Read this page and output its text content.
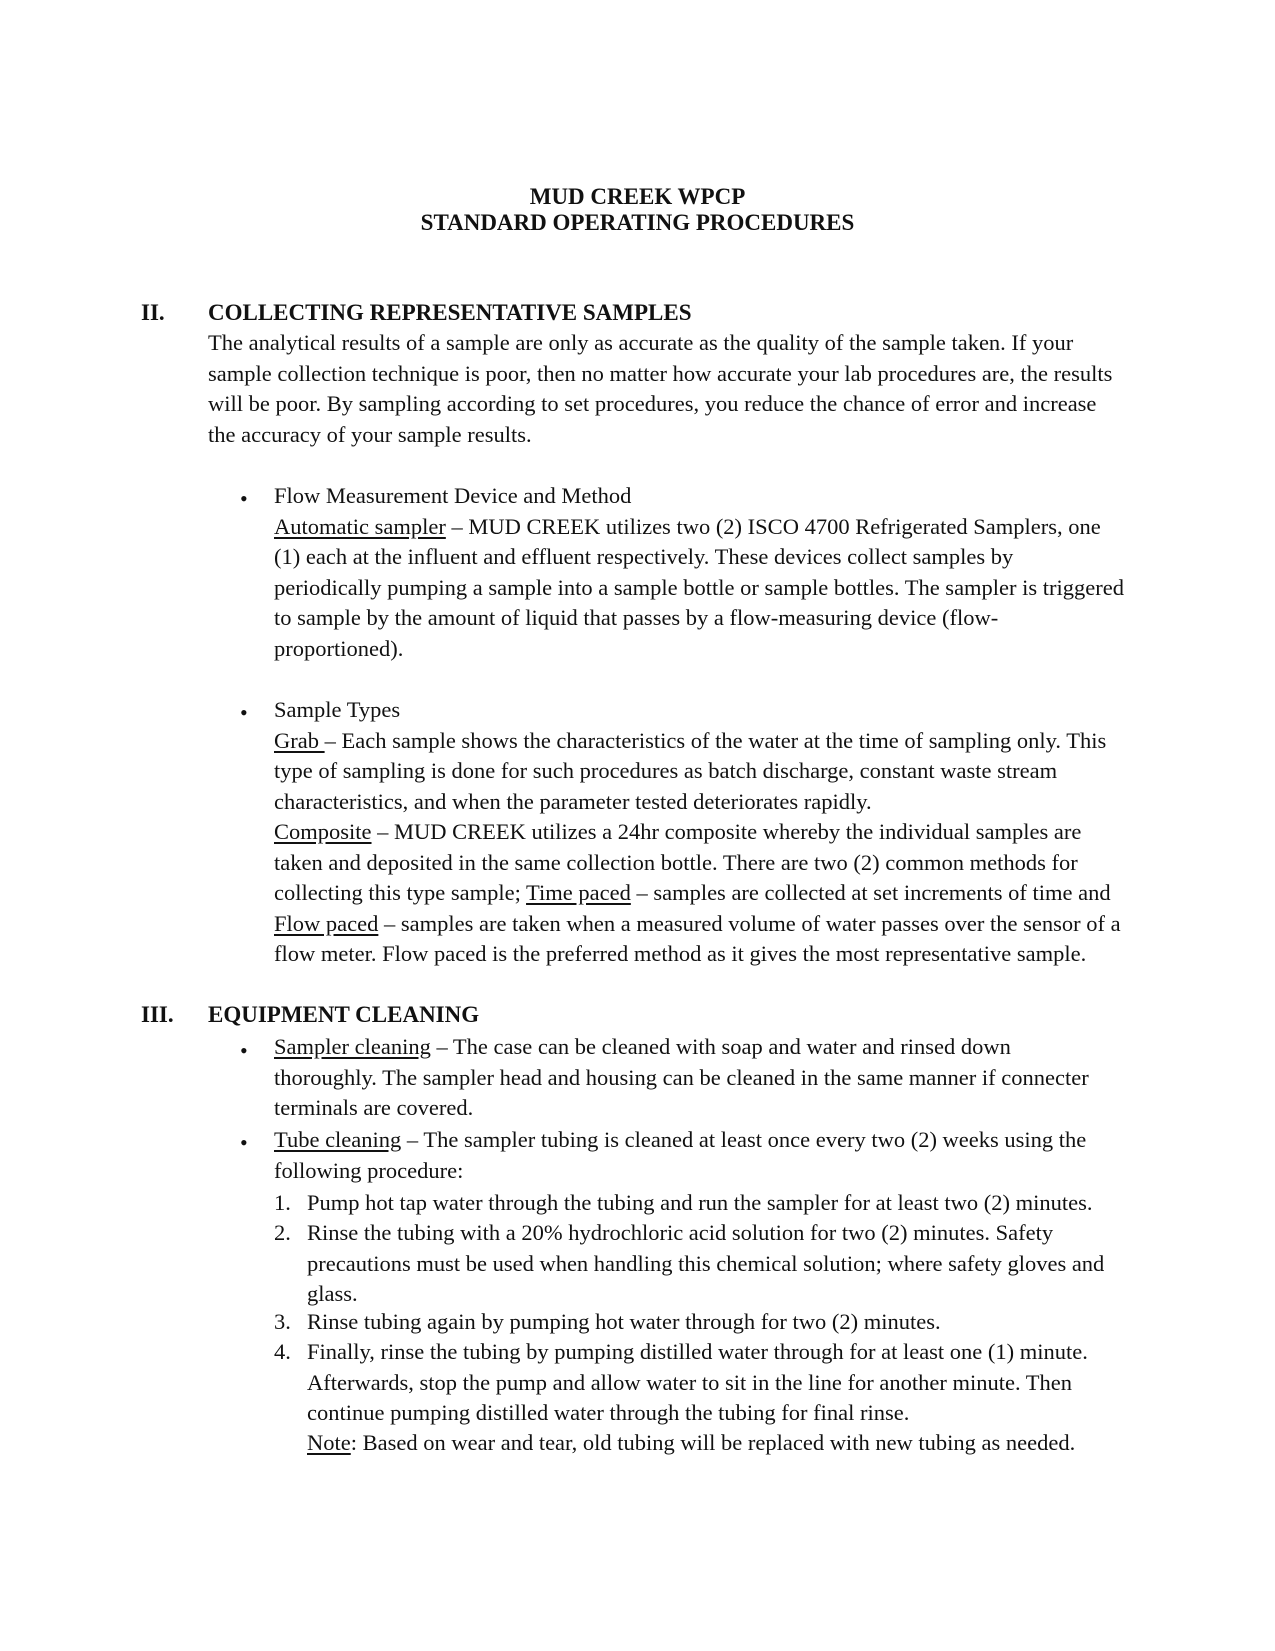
MUD CREEK WPCP
STANDARD OPERATING PROCEDURES
II. COLLECTING REPRESENTATIVE SAMPLES

The analytical results of a sample are only as accurate as the quality of the sample taken. If your sample collection technique is poor, then no matter how accurate your lab procedures are, the results will be poor. By sampling according to set procedures, you reduce the chance of error and increase the accuracy of your sample results.

• Flow Measurement Device and Method
Automatic sampler – MUD CREEK utilizes two (2) ISCO 4700 Refrigerated Samplers, one (1) each at the influent and effluent respectively. These devices collect samples by periodically pumping a sample into a sample bottle or sample bottles. The sampler is triggered to sample by the amount of liquid that passes by a flow-measuring device (flow-proportioned).
• Sample Types
Grab – Each sample shows the characteristics of the water at the time of sampling only. This type of sampling is done for such procedures as batch discharge, constant waste stream characteristics, and when the parameter tested deteriorates rapidly.
Composite – MUD CREEK utilizes a 24hr composite whereby the individual samples are taken and deposited in the same collection bottle. There are two (2) common methods for collecting this type sample; Time paced – samples are collected at set increments of time and Flow paced – samples are taken when a measured volume of water passes over the sensor of a flow meter. Flow paced is the preferred method as it gives the most representative sample.
III. EQUIPMENT CLEANING
• Sampler cleaning – The case can be cleaned with soap and water and rinsed down thoroughly. The sampler head and housing can be cleaned in the same manner if connecter terminals are covered.
• Tube cleaning – The sampler tubing is cleaned at least once every two (2) weeks using the following procedure:
1. Pump hot tap water through the tubing and run the sampler for at least two (2) minutes.
2. Rinse the tubing with a 20% hydrochloric acid solution for two (2) minutes. Safety precautions must be used when handling this chemical solution; where safety gloves and glass.
3. Rinse tubing again by pumping hot water through for two (2) minutes.
4. Finally, rinse the tubing by pumping distilled water through for at least one (1) minute. Afterwards, stop the pump and allow water to sit in the line for another minute. Then continue pumping distilled water through the tubing for final rinse.
Note: Based on wear and tear, old tubing will be replaced with new tubing as needed.
